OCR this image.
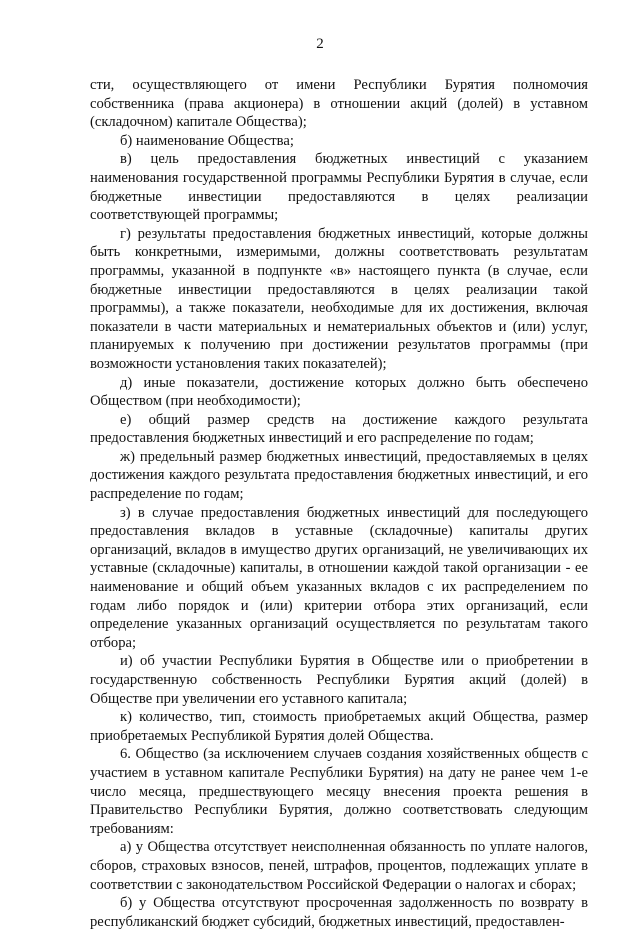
2

сти, осуществляющего от имени Республики Бурятия полномочия собственника (права акционера) в отношении акций (долей) в уставном (складочном) капитале Общества);

б) наименование Общества;

в) цель предоставления бюджетных инвестиций с указанием наименования государственной программы Республики Бурятия в случае, если бюджетные инвестиции предоставляются в целях реализации соответствующей программы;

г) результаты предоставления бюджетных инвестиций, которые должны быть конкретными, измеримыми, должны соответствовать результатам программы, указанной в подпункте «в» настоящего пункта (в случае, если бюджетные инвестиции предоставляются в целях реализации такой программы), а также показатели, необходимые для их достижения, включая показатели в части материальных и нематериальных объектов и (или) услуг, планируемых к получению при достижении результатов программы (при возможности установления таких показателей);

д) иные показатели, достижение которых должно быть обеспечено Обществом (при необходимости);

е) общий размер средств на достижение каждого результата предоставления бюджетных инвестиций и его распределение по годам;

ж) предельный размер бюджетных инвестиций, предоставляемых в целях достижения каждого результата предоставления бюджетных инвестиций, и его распределение по годам;

з) в случае предоставления бюджетных инвестиций для последующего предоставления вкладов в уставные (складочные) капиталы других организаций, вкладов в имущество других организаций, не увеличивающих их уставные (складочные) капиталы, в отношении каждой такой организации - ее наименование и общий объем указанных вкладов с их распределением по годам либо порядок и (или) критерии отбора этих организаций, если определение указанных организаций осуществляется по результатам такого отбора;

и) об участии Республики Бурятия в Обществе или о приобретении в государственную собственность Республики Бурятия акций (долей) в Обществе при увеличении его уставного капитала;

к) количество, тип, стоимость приобретаемых акций Общества, размер приобретаемых Республикой Бурятия долей Общества.

6. Общество (за исключением случаев создания хозяйственных обществ с участием в уставном капитале Республики Бурятия) на дату не ранее чем 1-е число месяца, предшествующего месяцу внесения проекта решения в Правительство Республики Бурятия, должно соответствовать следующим требованиям:

а) у Общества отсутствует неисполненная обязанность по уплате налогов, сборов, страховых взносов, пеней, штрафов, процентов, подлежащих уплате в соответствии с законодательством Российской Федерации о налогах и сборах;

б) у Общества отсутствуют просроченная задолженность по возврату в республиканский бюджет субсидий, бюджетных инвестиций, предоставлен-
